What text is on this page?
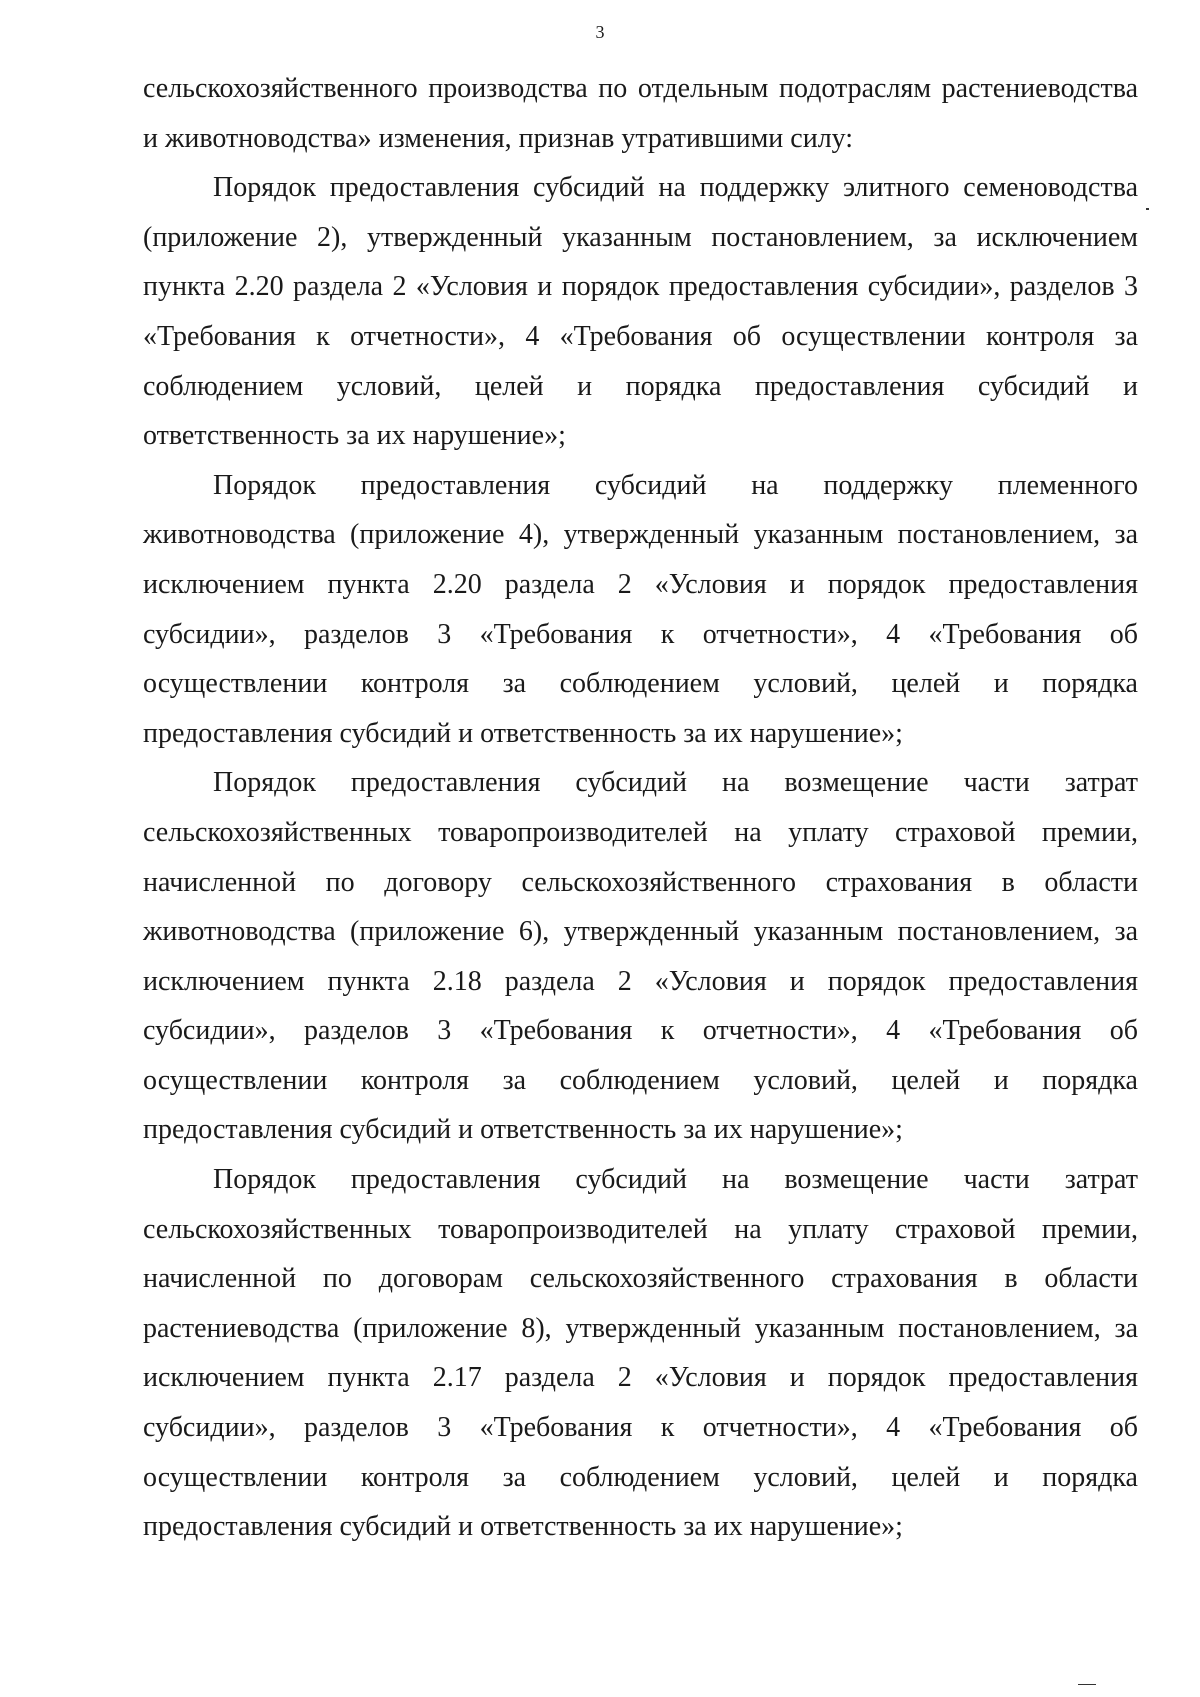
3

сельскохозяйственного производства по отдельным подотраслям растениеводства и животноводства» изменения, признав утратившими силу:

Порядок предоставления субсидий на поддержку элитного семеноводства (приложение 2), утвержденный указанным постановлением, за исключением пункта 2.20 раздела 2 «Условия и порядок предоставления субсидии», разделов 3 «Требования к отчетности», 4 «Требования об осуществлении контроля за соблюдением условий, целей и порядка предоставления субсидий и ответственность за их нарушение»;

Порядок предоставления субсидий на поддержку племенного животноводства (приложение 4), утвержденный указанным постановлением, за исключением пункта 2.20 раздела 2 «Условия и порядок предоставления субсидии», разделов 3 «Требования к отчетности», 4 «Требования об осуществлении контроля за соблюдением условий, целей и порядка предоставления субсидий и ответственность за их нарушение»;

Порядок предоставления субсидий на возмещение части затрат сельскохозяйственных товаропроизводителей на уплату страховой премии, начисленной по договору сельскохозяйственного страхования в области животноводства (приложение 6), утвержденный указанным постановлением, за исключением пункта 2.18 раздела 2 «Условия и порядок предоставления субсидии», разделов 3 «Требования к отчетности», 4 «Требования об осуществлении контроля за соблюдением условий, целей и порядка предоставления субсидий и ответственность за их нарушение»;

Порядок предоставления субсидий на возмещение части затрат сельскохозяйственных товаропроизводителей на уплату страховой премии, начисленной по договорам сельскохозяйственного страхования в области растениеводства (приложение 8), утвержденный указанным постановлением, за исключением пункта 2.17 раздела 2 «Условия и порядок предоставления субсидии», разделов 3 «Требования к отчетности», 4 «Требования об осуществлении контроля за соблюдением условий, целей и порядка предоставления субсидий и ответственность за их нарушение»;
